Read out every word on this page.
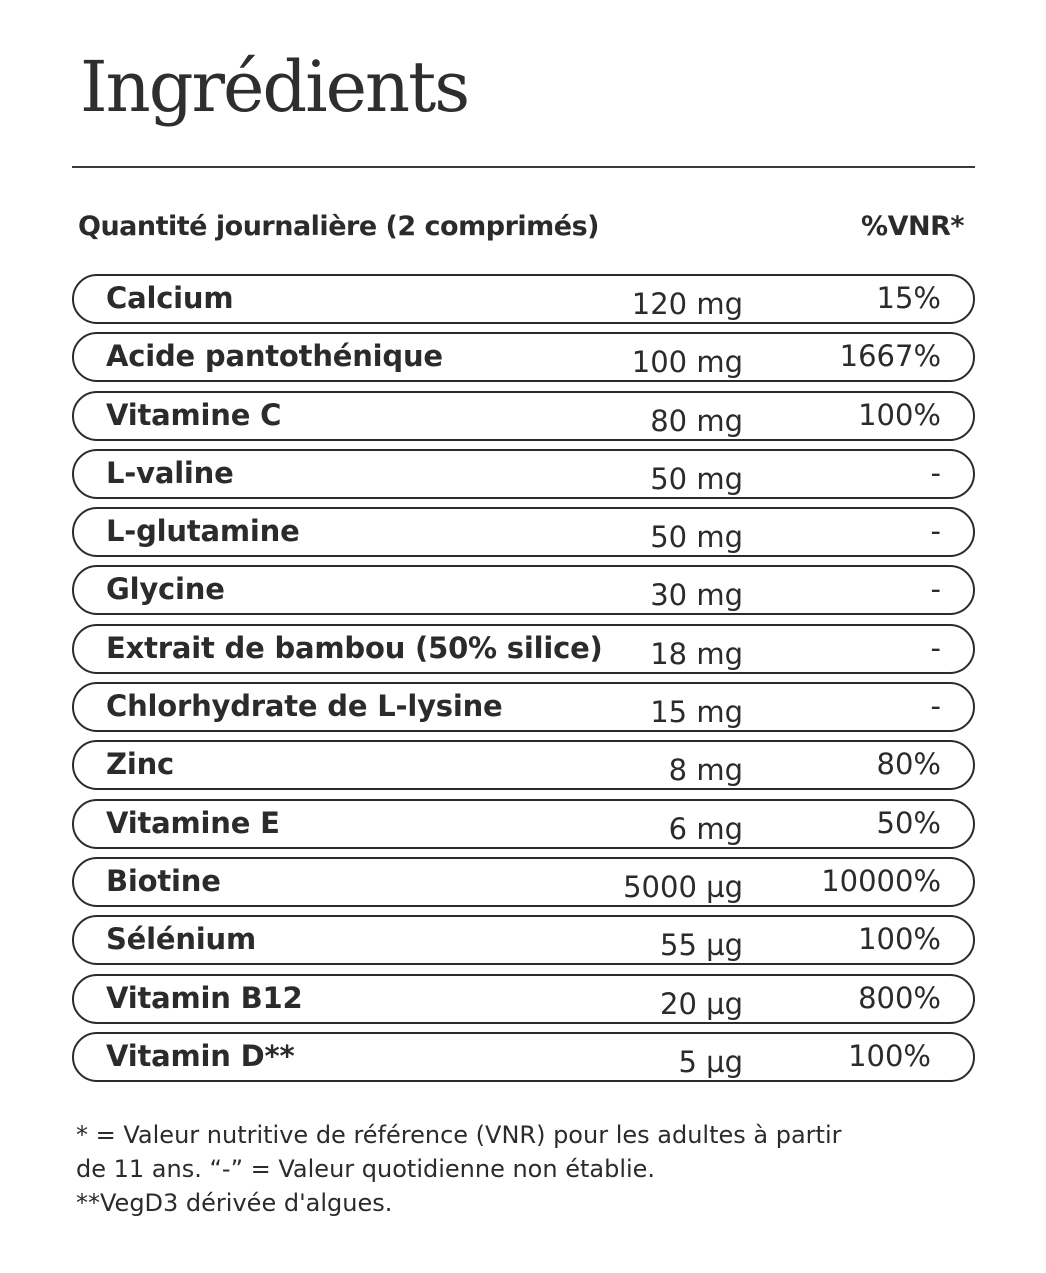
Ingrédients
Quantité journalière (2 comprimés)	%VNR*
Calcium	120 mg	15%
Acide pantothénique	100 mg	1667%
Vitamine C	80 mg	100%
L-valine	50 mg	-
L-glutamine	50 mg	-
Glycine	30 mg	-
Extrait de bambou (50% silice) 18 mg	-
Chlorhydrate de L-lysine	15 mg	-
Zinc	8 mg	80%
Vitamine E	6 mg	50%
Biotine	5000 µg	10000%
Sélénium	55 µg	100%
Vitamin B12	20 µg	800%
Vitamin D**	5 µg	100%
* = Valeur nutritive de référence (VNR) pour les adultes à partir
de 11 ans. “-” = Valeur quotidienne non établie.
**VegD3 dérivée d'algues.
